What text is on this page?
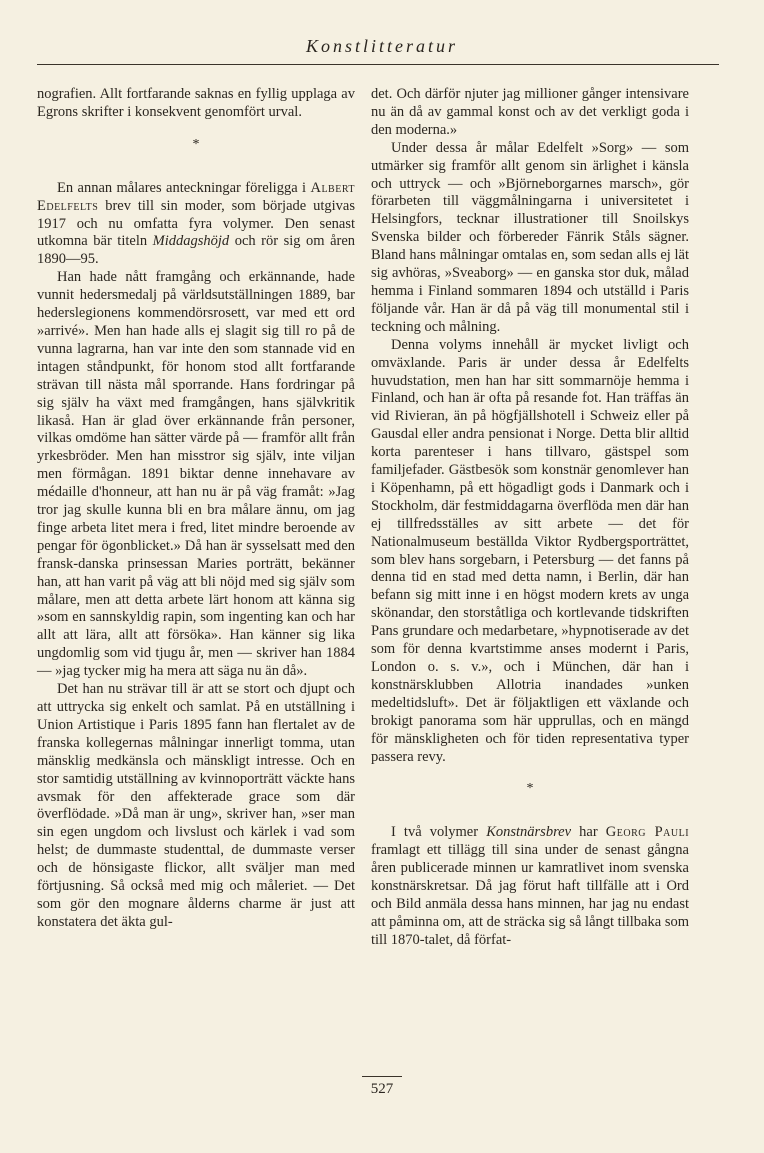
Konstlitteratur

nografien. Allt fortfarande saknas en fyllig upplaga av Egrons skrifter i konsekvent genomfört urval.

*

En annan målares anteckningar föreligga i Albert Edelfelts brev till sin moder, som började utgivas 1917 och nu omfatta fyra volymer. Den senast utkomna bär titeln Middagshöjd och rör sig om åren 1890—95.

Han hade nått framgång och erkännande, hade vunnit hedersmedalj på världsutställningen 1889, bar hederslegionens kommendörsrosett, var med ett ord »arrivé». Men han hade alls ej slagit sig till ro på de vunna lagrarna, han var inte den som stannade vid en intagen ståndpunkt, för honom stod allt fortfarande strävan till nästa mål sporrande. Hans fordringar på sig själv ha växt med framgången, hans självkritik likaså. Han är glad över erkännande från personer, vilkas omdöme han sätter värde på — framför allt från yrkesbröder. Men han misstror sig själv, inte viljan men förmågan. 1891 biktar denne innehavare av médaille d'honneur, att han nu är på väg framåt: »Jag tror jag skulle kunna bli en bra målare ännu, om jag finge arbeta litet mera i fred, litet mindre beroende av pengar för ögonblicket.» Då han är sysselsatt med den fransk-danska prinsessan Maries porträtt, bekänner han, att han varit på väg att bli nöjd med sig själv som målare, men att detta arbete lärt honom att känna sig »som en sannskyldig rapin, som ingenting kan och har allt att lära, allt att försöka». Han känner sig lika ungdomlig som vid tjugu år, men — skriver han 1884 — »jag tycker mig ha mera att säga nu än då».

Det han nu strävar till är att se stort och djupt och att uttrycka sig enkelt och samlat. På en utställning i Union Artistique i Paris 1895 fann han flertalet av de franska kollegernas målningar innerligt tomma, utan mänsklig medkänsla och mänskligt intresse. Och en stor samtidig utställning av kvinnoporträtt väckte hans avsmak för den affekterade grace som där överflödade. »Då man är ung», skriver han, »ser man sin egen ungdom och livslust och kärlek i vad som helst; de dummaste studenttal, de dummaste verser och de hönsigaste flickor, allt sväljer man med förtjusning. Så också med mig och måleriet. — Det som gör den mognare ålderns charme är just att konstatera det äkta gul-

det. Och därför njuter jag millioner gånger intensivare nu än då av gammal konst och av det verkligt goda i den moderna.»

Under dessa år målar Edelfelt »Sorg» — som utmärker sig framför allt genom sin ärlighet i känsla och uttryck — och »Björneborgarnes marsch», gör förarbeten till väggmålningarna i universitetet i Helsingfors, tecknar illustrationer till Snoilskys Svenska bilder och förbereder Fänrik Ståls sägner. Bland hans målningar omtalas en, som sedan alls ej lät sig avhöras, »Sveaborg» — en ganska stor duk, målad hemma i Finland sommaren 1894 och utställd i Paris följande vår. Han är då på väg till monumental stil i teckning och målning.

Denna volyms innehåll är mycket livligt och omväxlande. Paris är under dessa år Edelfelts huvudstation, men han har sitt sommarnöje hemma i Finland, och han är ofta på resande fot. Han träffas än vid Rivieran, än på högfjällshotell i Schweiz eller på Gausdal eller andra pensionat i Norge. Detta blir alltid korta parenteser i hans tillvaro, gästspel som familjefader. Gästbesök som konstnär genomlever han i Köpenhamn, på ett högadligt gods i Danmark och i Stockholm, där festmiddagarna överflöda men där han ej tillfredsställes av sitt arbete — det för Nationalmuseum beställda Viktor Rydbergsporträttet, som blev hans sorgebarn, i Petersburg — det fanns på denna tid en stad med detta namn, i Berlin, där han befann sig mitt inne i en högst modern krets av unga skönandar, den storståtliga och kortlevande tidskriften Pans grundare och medarbetare, »hypnotiserade av det som för denna kvartstimme anses modernt i Paris, London o. s. v.», och i München, där han i konstnärsklubben Allotria inandades »unken medeltidsluft». Det är följaktligen ett växlande och brokigt panorama som här upprullas, och en mängd för mänskligheten och för tiden representativa typer passera revy.

*

I två volymer Konstnärsbrev har Georg Pauli framlagt ett tillägg till sina under de senast gångna åren publicerade minnen ur kamratlivet inom svenska konstnärskretsar. Då jag förut haft tillfälle att i Ord och Bild anmäla dessa hans minnen, har jag nu endast att påminna om, att de sträcka sig så långt tillbaka som till 1870-talet, då förfat-

527
